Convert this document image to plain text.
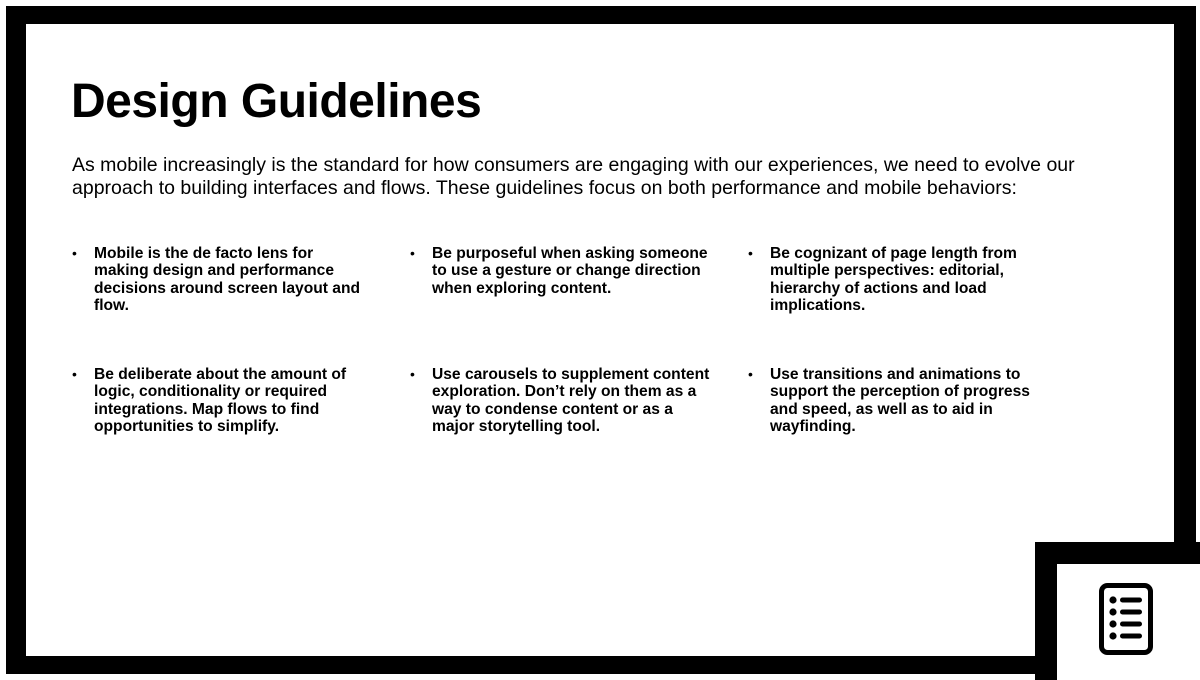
Design Guidelines

As mobile increasingly is the standard for how consumers are engaging with our experiences, we need to evolve our approach to building interfaces and flows. These guidelines focus on both performance and mobile behaviors:

•	Mobile is the de facto lens for making design and performance decisions around screen layout and flow.
•	Be purposeful when asking someone to use a gesture or change direction when exploring content.
•	Be cognizant of page length from multiple perspectives: editorial, hierarchy of actions and load implications.
•	Be deliberate about the amount of logic, conditionality or required integrations. Map flows to find opportunities to simplify.
•	Use carousels to supplement content exploration. Don’t rely on them as a way to condense content or as a major storytelling tool.
•	Use transitions and animations to support the perception of progress and speed, as well as to aid in wayfinding.
